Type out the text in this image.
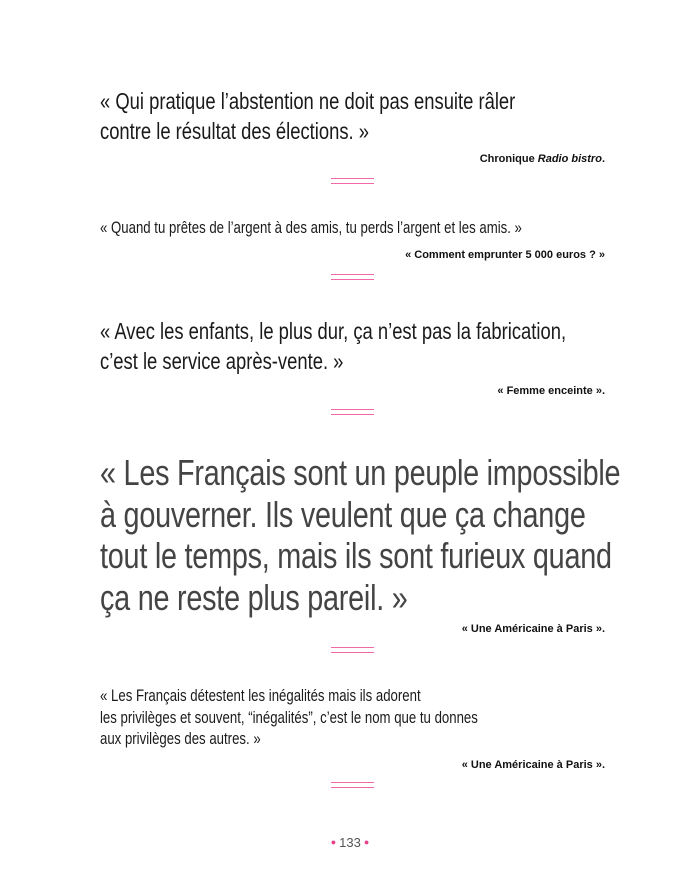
« Qui pratique l’abstention ne doit pas ensuite râler
contre le résultat des élections. »
Chronique Radio bistro.
« Quand tu prêtes de l’argent à des amis, tu perds l’argent et les amis. »
« Comment emprunter 5 000 euros ? »
« Avec les enfants, le plus dur, ça n’est pas la fabrication,
c’est le service après-vente. »
« Femme enceinte ».
« Les Français sont un peuple impossible
à gouverner. Ils veulent que ça change
tout le temps, mais ils sont furieux quand
ça ne reste plus pareil. »
« Une Américaine à Paris ».
« Les Français détestent les inégalités mais ils adorent
les privilèges et souvent, “inégalités”, c’est le nom que tu donnes
aux privilèges des autres. »
« Une Américaine à Paris ».
● 133 ●
